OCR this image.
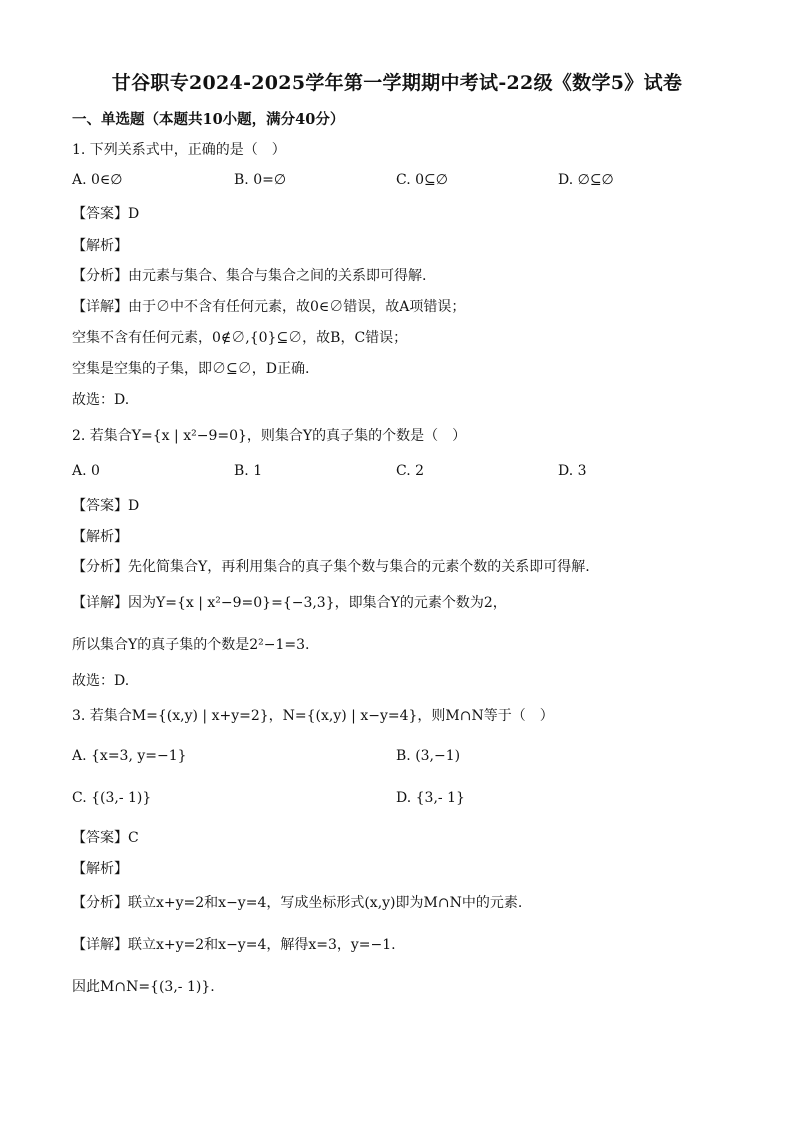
甘谷职专2024-2025学年第一学期期中考试-22级《数学5》试卷
一、单选题（本题共10小题，满分40分）
1. 下列关系式中，正确的是（　）
A. 0∈∅	B. 0=∅	C. 0⊆∅	D. ∅⊆∅
【答案】D
【解析】
【分析】由元素与集合、集合与集合之间的关系即可得解.
【详解】由于∅中不含有任何元素，故0∈∅错误，故A项错误；
空集不含有任何元素，0∉∅,{0}⊆∅，故B，C错误；
空集是空集的子集，即∅⊆∅，D正确.
故选：D.
2. 若集合Y={x | x²−9=0}，则集合Y的真子集的个数是（　）
A. 0	B. 1	C. 2	D. 3
【答案】D
【解析】
【分析】先化简集合Y，再利用集合的真子集个数与集合的元素个数的关系即可得解.
【详解】因为Y={x | x²−9=0}={−3,3}，即集合Y的元素个数为2，
所以集合Y的真子集的个数是2²−1=3.
故选：D.
3. 若集合M={(x,y) | x+y=2}，N={(x,y) | x−y=4}，则M∩N等于（　）
A. {x=3, y=−1}	B. (3,−1)
C. {(3,- 1)}	D. {3,- 1}
【答案】C
【解析】
【分析】联立x+y=2和x−y=4，写成坐标形式(x,y)即为M∩N中的元素.
【详解】联立x+y=2和x−y=4，解得x=3，y=−1.
因此M∩N={(3,- 1)}.
